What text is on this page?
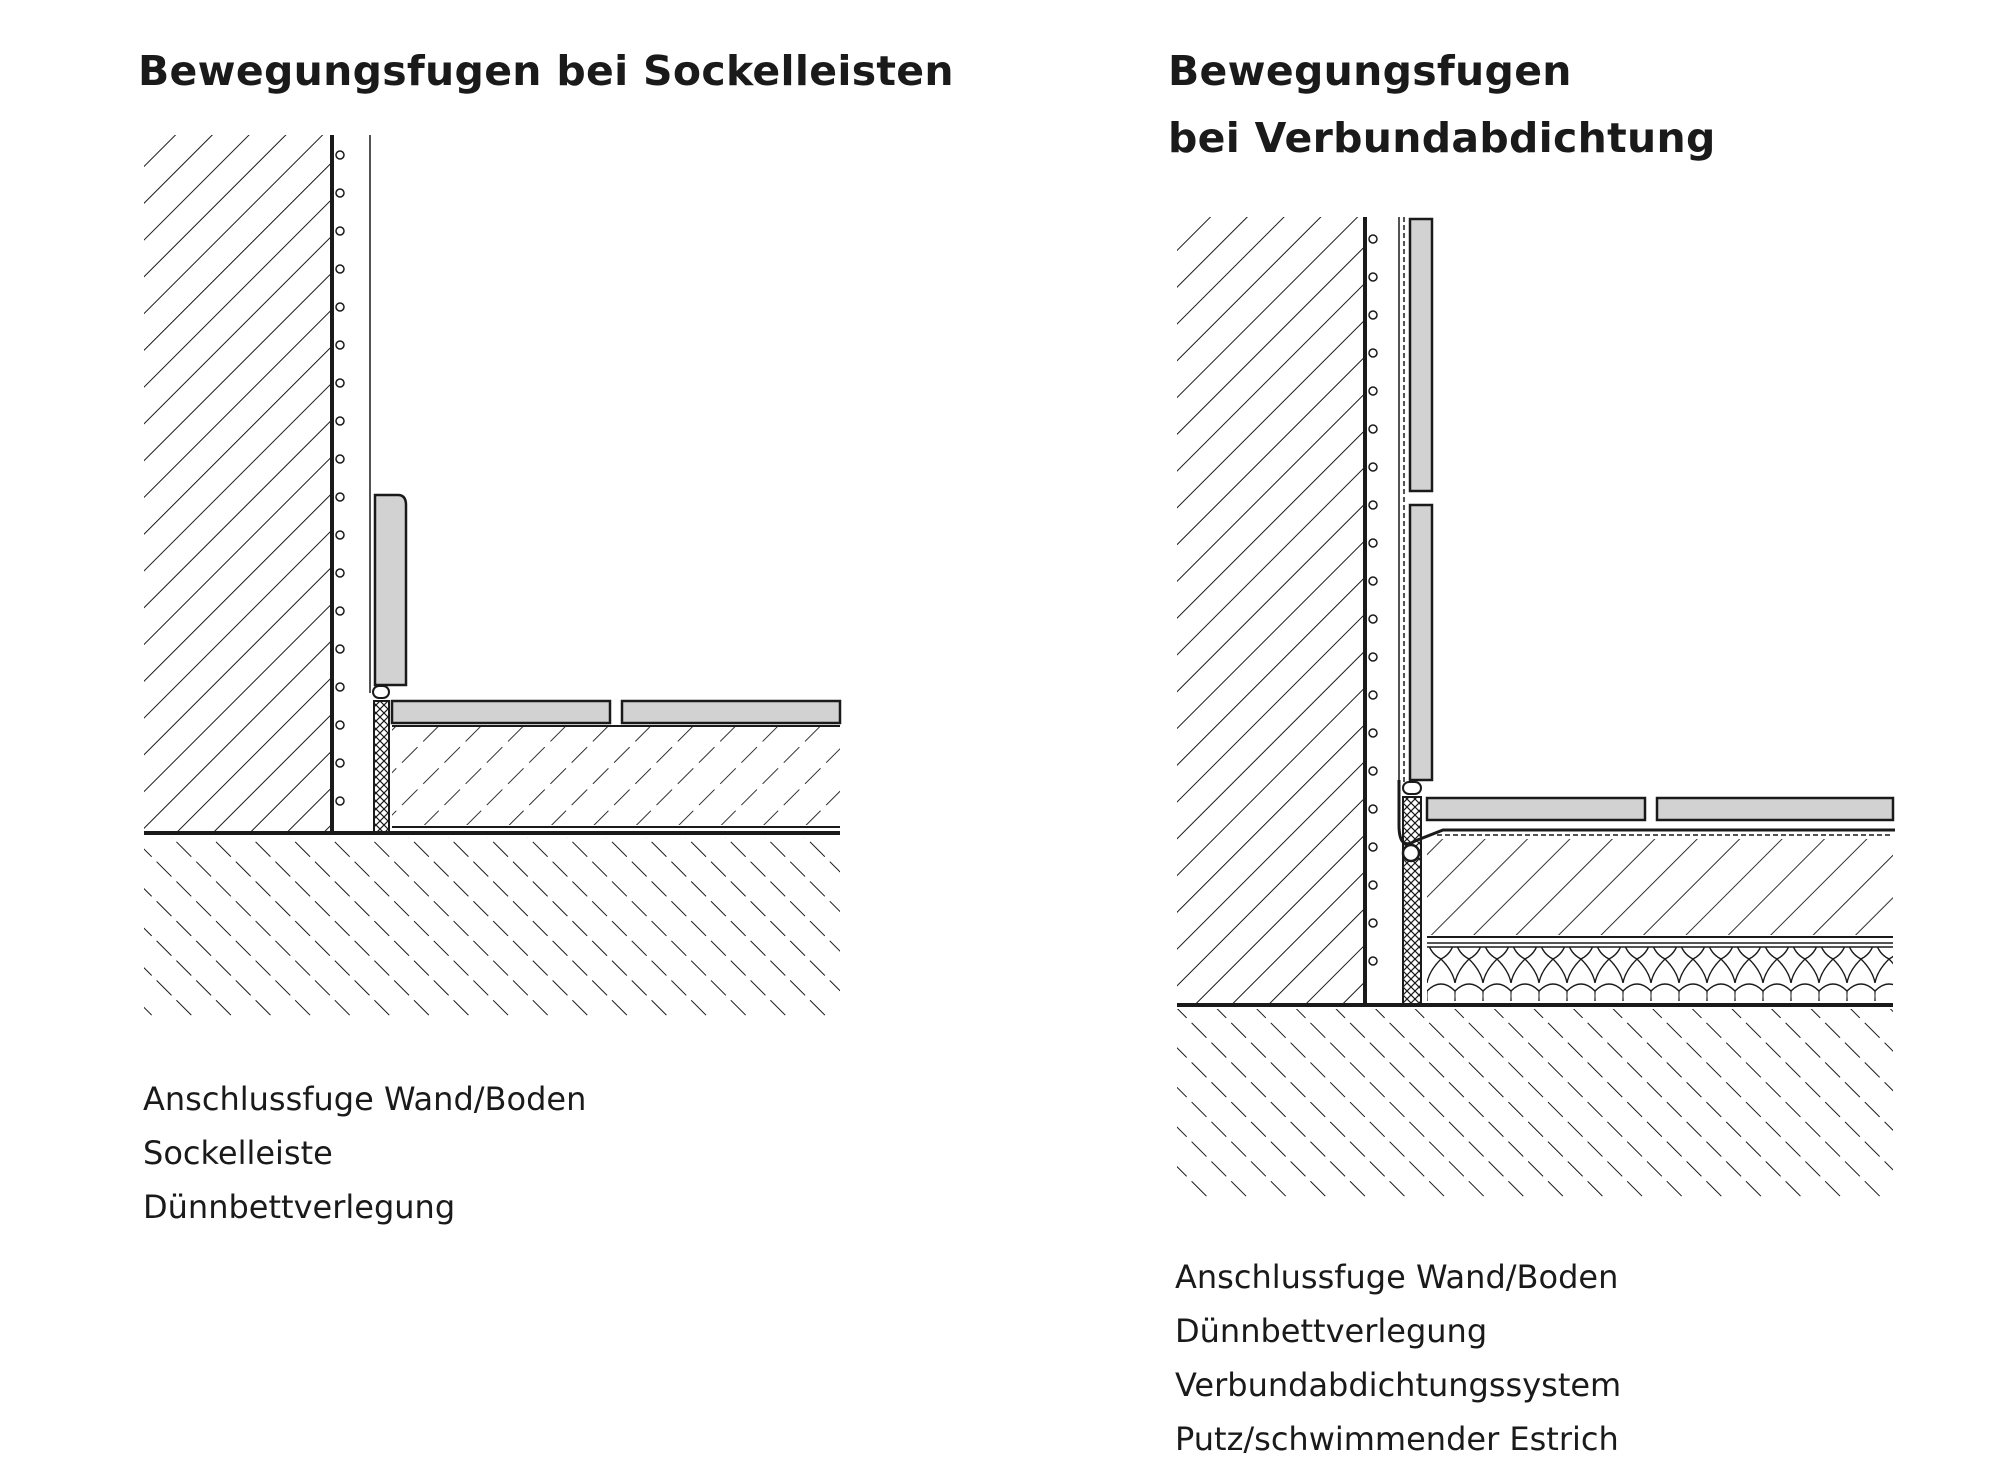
Bewegungsfugen bei Sockelleisten	Bewegungsfugen
bei Verbundabdichtung
Anschlussfuge Wand/Boden
Sockelleiste
Dünnbettverlegung
Anschlussfuge Wand/Boden
Dünnbettverlegung
Verbundabdichtungssystem
Putz/schwimmender Estrich
